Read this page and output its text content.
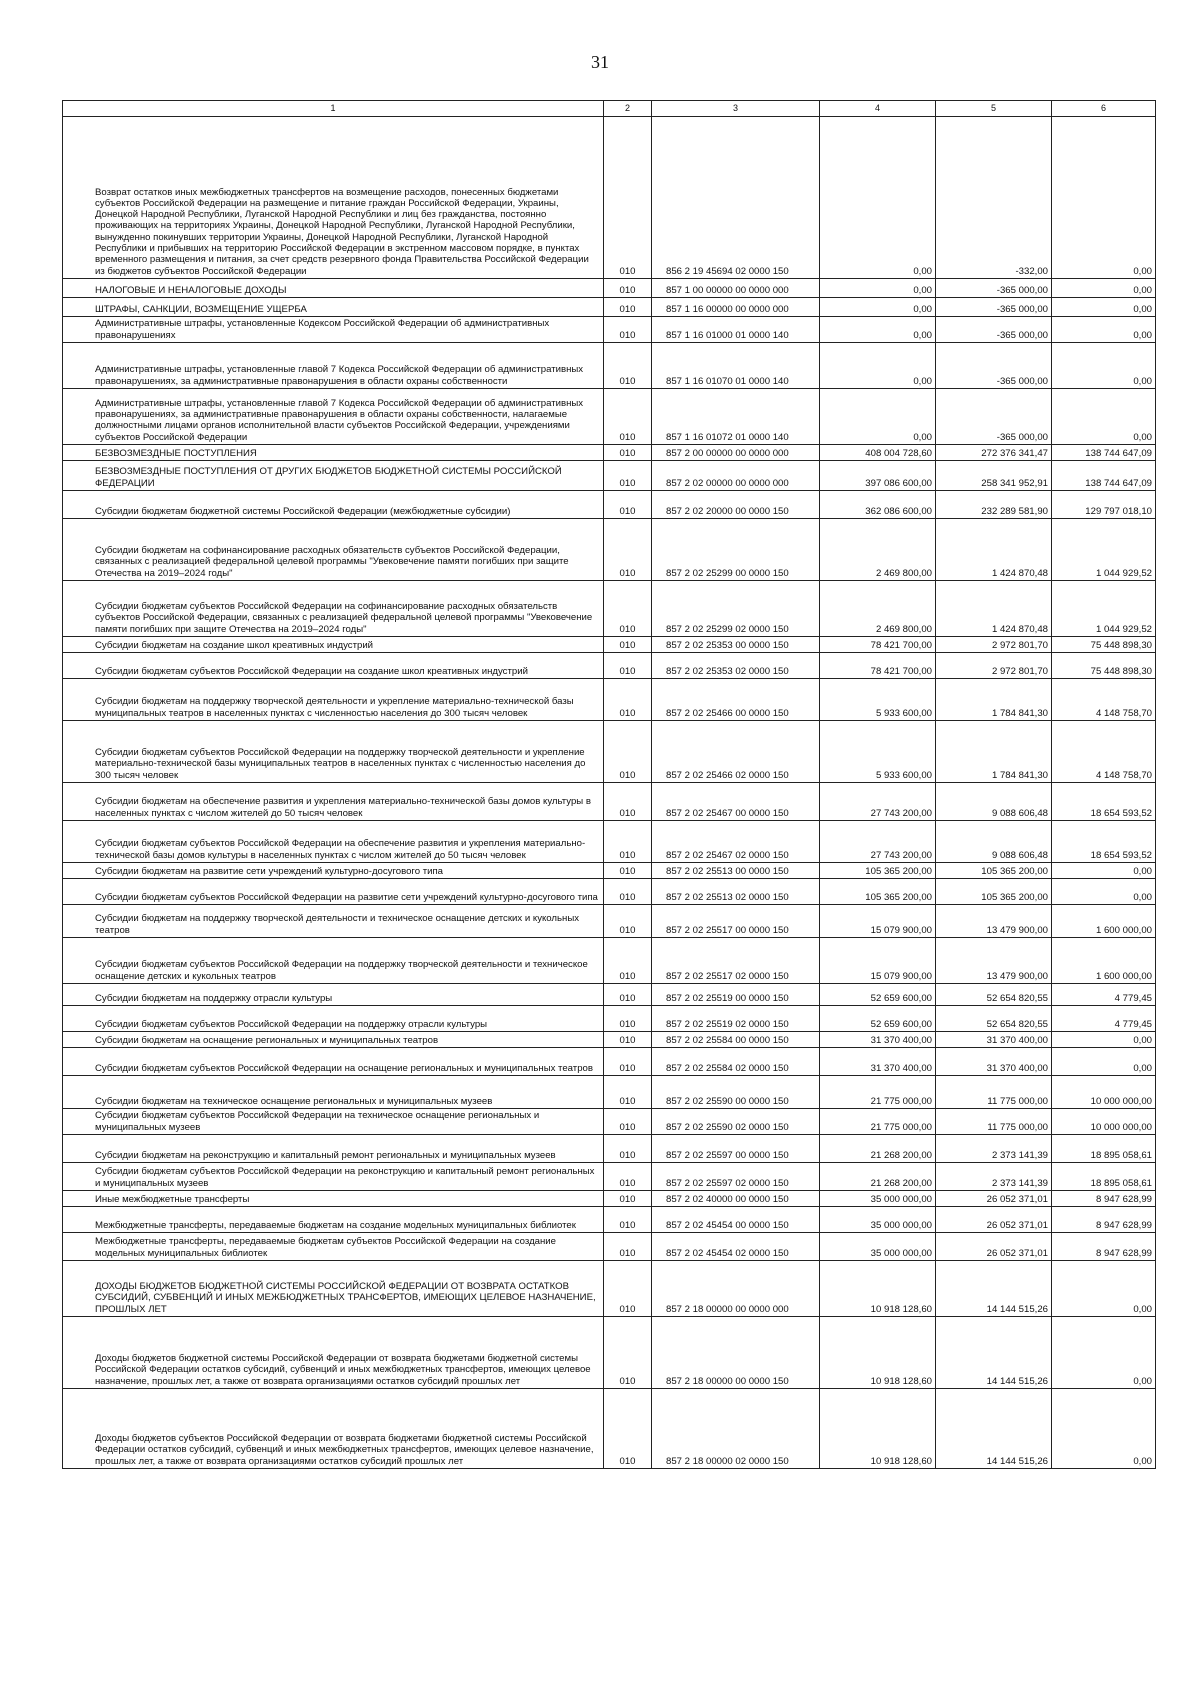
31
1	2	3	4	5	6
Возврат остатков иных межбюджетных трансфертов на возмещение расходов, понесенных бюджетами субъектов Российской Федерации на размещение и питание граждан Российской Федерации, Украины, Донецкой Народной Республики, Луганской Народной Республики и лиц без гражданства, постоянно проживающих на территориях Украины, Донецкой Народной Республики, Луганской Народной Республики, вынужденно покинувших территории Украины, Донецкой Народной Республики, Луганской Народной Республики и прибывших на территорию Российской Федерации в экстренном массовом порядке, в пунктах временного размещения и питания, за счет средств резервного фонда Правительства Российской Федерации из бюджетов субъектов Российской Федерации	010	856 2 19 45694 02 0000 150	0,00	-332,00	0,00
НАЛОГОВЫЕ И НЕНАЛОГОВЫЕ ДОХОДЫ	010	857 1 00 00000 00 0000 000	0,00	-365 000,00	0,00
ШТРАФЫ, САНКЦИИ, ВОЗМЕЩЕНИЕ УЩЕРБА	010	857 1 16 00000 00 0000 000	0,00	-365 000,00	0,00
Административные штрафы, установленные Кодексом Российской Федерации об административных правонарушениях	010	857 1 16 01000 01 0000 140	0,00	-365 000,00	0,00
Административные штрафы, установленные главой 7 Кодекса Российской Федерации об административных правонарушениях, за административные правонарушения в области охраны собственности	010	857 1 16 01070 01 0000 140	0,00	-365 000,00	0,00
Административные штрафы, установленные главой 7 Кодекса Российской Федерации об административных правонарушениях, за административные правонарушения в области охраны собственности, налагаемые должностными лицами органов исполнительной власти субъектов Российской Федерации, учреждениями субъектов Российской Федерации	010	857 1 16 01072 01 0000 140	0,00	-365 000,00	0,00
БЕЗВОЗМЕЗДНЫЕ ПОСТУПЛЕНИЯ	010	857 2 00 00000 00 0000 000	408 004 728,60	272 376 341,47	138 744 647,09
БЕЗВОЗМЕЗДНЫЕ ПОСТУПЛЕНИЯ ОТ ДРУГИХ БЮДЖЕТОВ БЮДЖЕТНОЙ СИСТЕМЫ РОССИЙСКОЙ ФЕДЕРАЦИИ	010	857 2 02 00000 00 0000 000	397 086 600,00	258 341 952,91	138 744 647,09
Субсидии бюджетам бюджетной системы Российской Федерации (межбюджетные субсидии)	010	857 2 02 20000 00 0000 150	362 086 600,00	232 289 581,90	129 797 018,10
Субсидии бюджетам на софинансирование расходных обязательств субъектов Российской Федерации, связанных с реализацией федеральной целевой программы "Увековечение памяти погибших при защите Отечества на 2019–2024 годы"	010	857 2 02 25299 00 0000 150	2 469 800,00	1 424 870,48	1 044 929,52
Субсидии бюджетам субъектов Российской Федерации на софинансирование расходных обязательств субъектов Российской Федерации, связанных с реализацией федеральной целевой программы "Увековечение памяти погибших при защите Отечества на 2019–2024 годы"	010	857 2 02 25299 02 0000 150	2 469 800,00	1 424 870,48	1 044 929,52
Субсидии бюджетам на создание школ креативных индустрий	010	857 2 02 25353 00 0000 150	78 421 700,00	2 972 801,70	75 448 898,30
Субсидии бюджетам субъектов Российской Федерации на создание школ креативных индустрий	010	857 2 02 25353 02 0000 150	78 421 700,00	2 972 801,70	75 448 898,30
Субсидии бюджетам на поддержку творческой деятельности и укрепление материально-технической базы муниципальных театров в населенных пунктах с численностью населения до 300 тысяч человек	010	857 2 02 25466 00 0000 150	5 933 600,00	1 784 841,30	4 148 758,70
Субсидии бюджетам субъектов Российской Федерации на поддержку творческой деятельности и укрепление материально-технической базы муниципальных театров в населенных пунктах с численностью населения до 300 тысяч человек	010	857 2 02 25466 02 0000 150	5 933 600,00	1 784 841,30	4 148 758,70
Субсидии бюджетам на обеспечение развития и укрепления материально-технической базы домов культуры в населенных пунктах с числом жителей до 50 тысяч человек	010	857 2 02 25467 00 0000 150	27 743 200,00	9 088 606,48	18 654 593,52
Субсидии бюджетам субъектов Российской Федерации на обеспечение развития и укрепления материально-технической базы домов культуры в населенных пунктах с числом жителей до 50 тысяч человек	010	857 2 02 25467 02 0000 150	27 743 200,00	9 088 606,48	18 654 593,52
Субсидии бюджетам на развитие сети учреждений культурно-досугового типа	010	857 2 02 25513 00 0000 150	105 365 200,00	105 365 200,00	0,00
Субсидии бюджетам субъектов Российской Федерации на развитие сети учреждений культурно-досугового типа	010	857 2 02 25513 02 0000 150	105 365 200,00	105 365 200,00	0,00
Субсидии бюджетам на поддержку творческой деятельности и техническое оснащение детских и кукольных театров	010	857 2 02 25517 00 0000 150	15 079 900,00	13 479 900,00	1 600 000,00
Субсидии бюджетам субъектов Российской Федерации на поддержку творческой деятельности и техническое оснащение детских и кукольных театров	010	857 2 02 25517 02 0000 150	15 079 900,00	13 479 900,00	1 600 000,00
Субсидии бюджетам на поддержку отрасли культуры	010	857 2 02 25519 00 0000 150	52 659 600,00	52 654 820,55	4 779,45
Субсидии бюджетам субъектов Российской Федерации на поддержку отрасли культуры	010	857 2 02 25519 02 0000 150	52 659 600,00	52 654 820,55	4 779,45
Субсидии бюджетам на оснащение региональных и муниципальных театров	010	857 2 02 25584 00 0000 150	31 370 400,00	31 370 400,00	0,00
Субсидии бюджетам субъектов Российской Федерации на оснащение региональных и муниципальных театров	010	857 2 02 25584 02 0000 150	31 370 400,00	31 370 400,00	0,00
Субсидии бюджетам на техническое оснащение региональных и муниципальных музеев	010	857 2 02 25590 00 0000 150	21 775 000,00	11 775 000,00	10 000 000,00
Субсидии бюджетам субъектов Российской Федерации на техническое оснащение региональных и муниципальных музеев	010	857 2 02 25590 02 0000 150	21 775 000,00	11 775 000,00	10 000 000,00
Субсидии бюджетам на реконструкцию и капитальный ремонт региональных и муниципальных музеев	010	857 2 02 25597 00 0000 150	21 268 200,00	2 373 141,39	18 895 058,61
Субсидии бюджетам субъектов Российской Федерации на реконструкцию и капитальный ремонт региональных и муниципальных музеев	010	857 2 02 25597 02 0000 150	21 268 200,00	2 373 141,39	18 895 058,61
Иные межбюджетные трансферты	010	857 2 02 40000 00 0000 150	35 000 000,00	26 052 371,01	8 947 628,99
Межбюджетные трансферты, передаваемые бюджетам на создание модельных муниципальных библиотек	010	857 2 02 45454 00 0000 150	35 000 000,00	26 052 371,01	8 947 628,99
Межбюджетные трансферты, передаваемые бюджетам субъектов Российской Федерации на создание модельных муниципальных библиотек	010	857 2 02 45454 02 0000 150	35 000 000,00	26 052 371,01	8 947 628,99
ДОХОДЫ БЮДЖЕТОВ БЮДЖЕТНОЙ СИСТЕМЫ РОССИЙСКОЙ ФЕДЕРАЦИИ ОТ ВОЗВРАТА ОСТАТКОВ СУБСИДИЙ, СУБВЕНЦИЙ И ИНЫХ МЕЖБЮДЖЕТНЫХ ТРАНСФЕРТОВ, ИМЕЮЩИХ ЦЕЛЕВОЕ НАЗНАЧЕНИЕ, ПРОШЛЫХ ЛЕТ	010	857 2 18 00000 00 0000 000	10 918 128,60	14 144 515,26	0,00
Доходы бюджетов бюджетной системы Российской Федерации от возврата бюджетами бюджетной системы Российской Федерации остатков субсидий, субвенций и иных межбюджетных трансфертов, имеющих целевое назначение, прошлых лет, а также от возврата организациями остатков субсидий прошлых лет	010	857 2 18 00000 00 0000 150	10 918 128,60	14 144 515,26	0,00
Доходы бюджетов субъектов Российской Федерации от возврата бюджетами бюджетной системы Российской Федерации остатков субсидий, субвенций и иных межбюджетных трансфертов, имеющих целевое назначение, прошлых лет, а также от возврата организациями остатков субсидий прошлых лет	010	857 2 18 00000 02 0000 150	10 918 128,60	14 144 515,26	0,00
